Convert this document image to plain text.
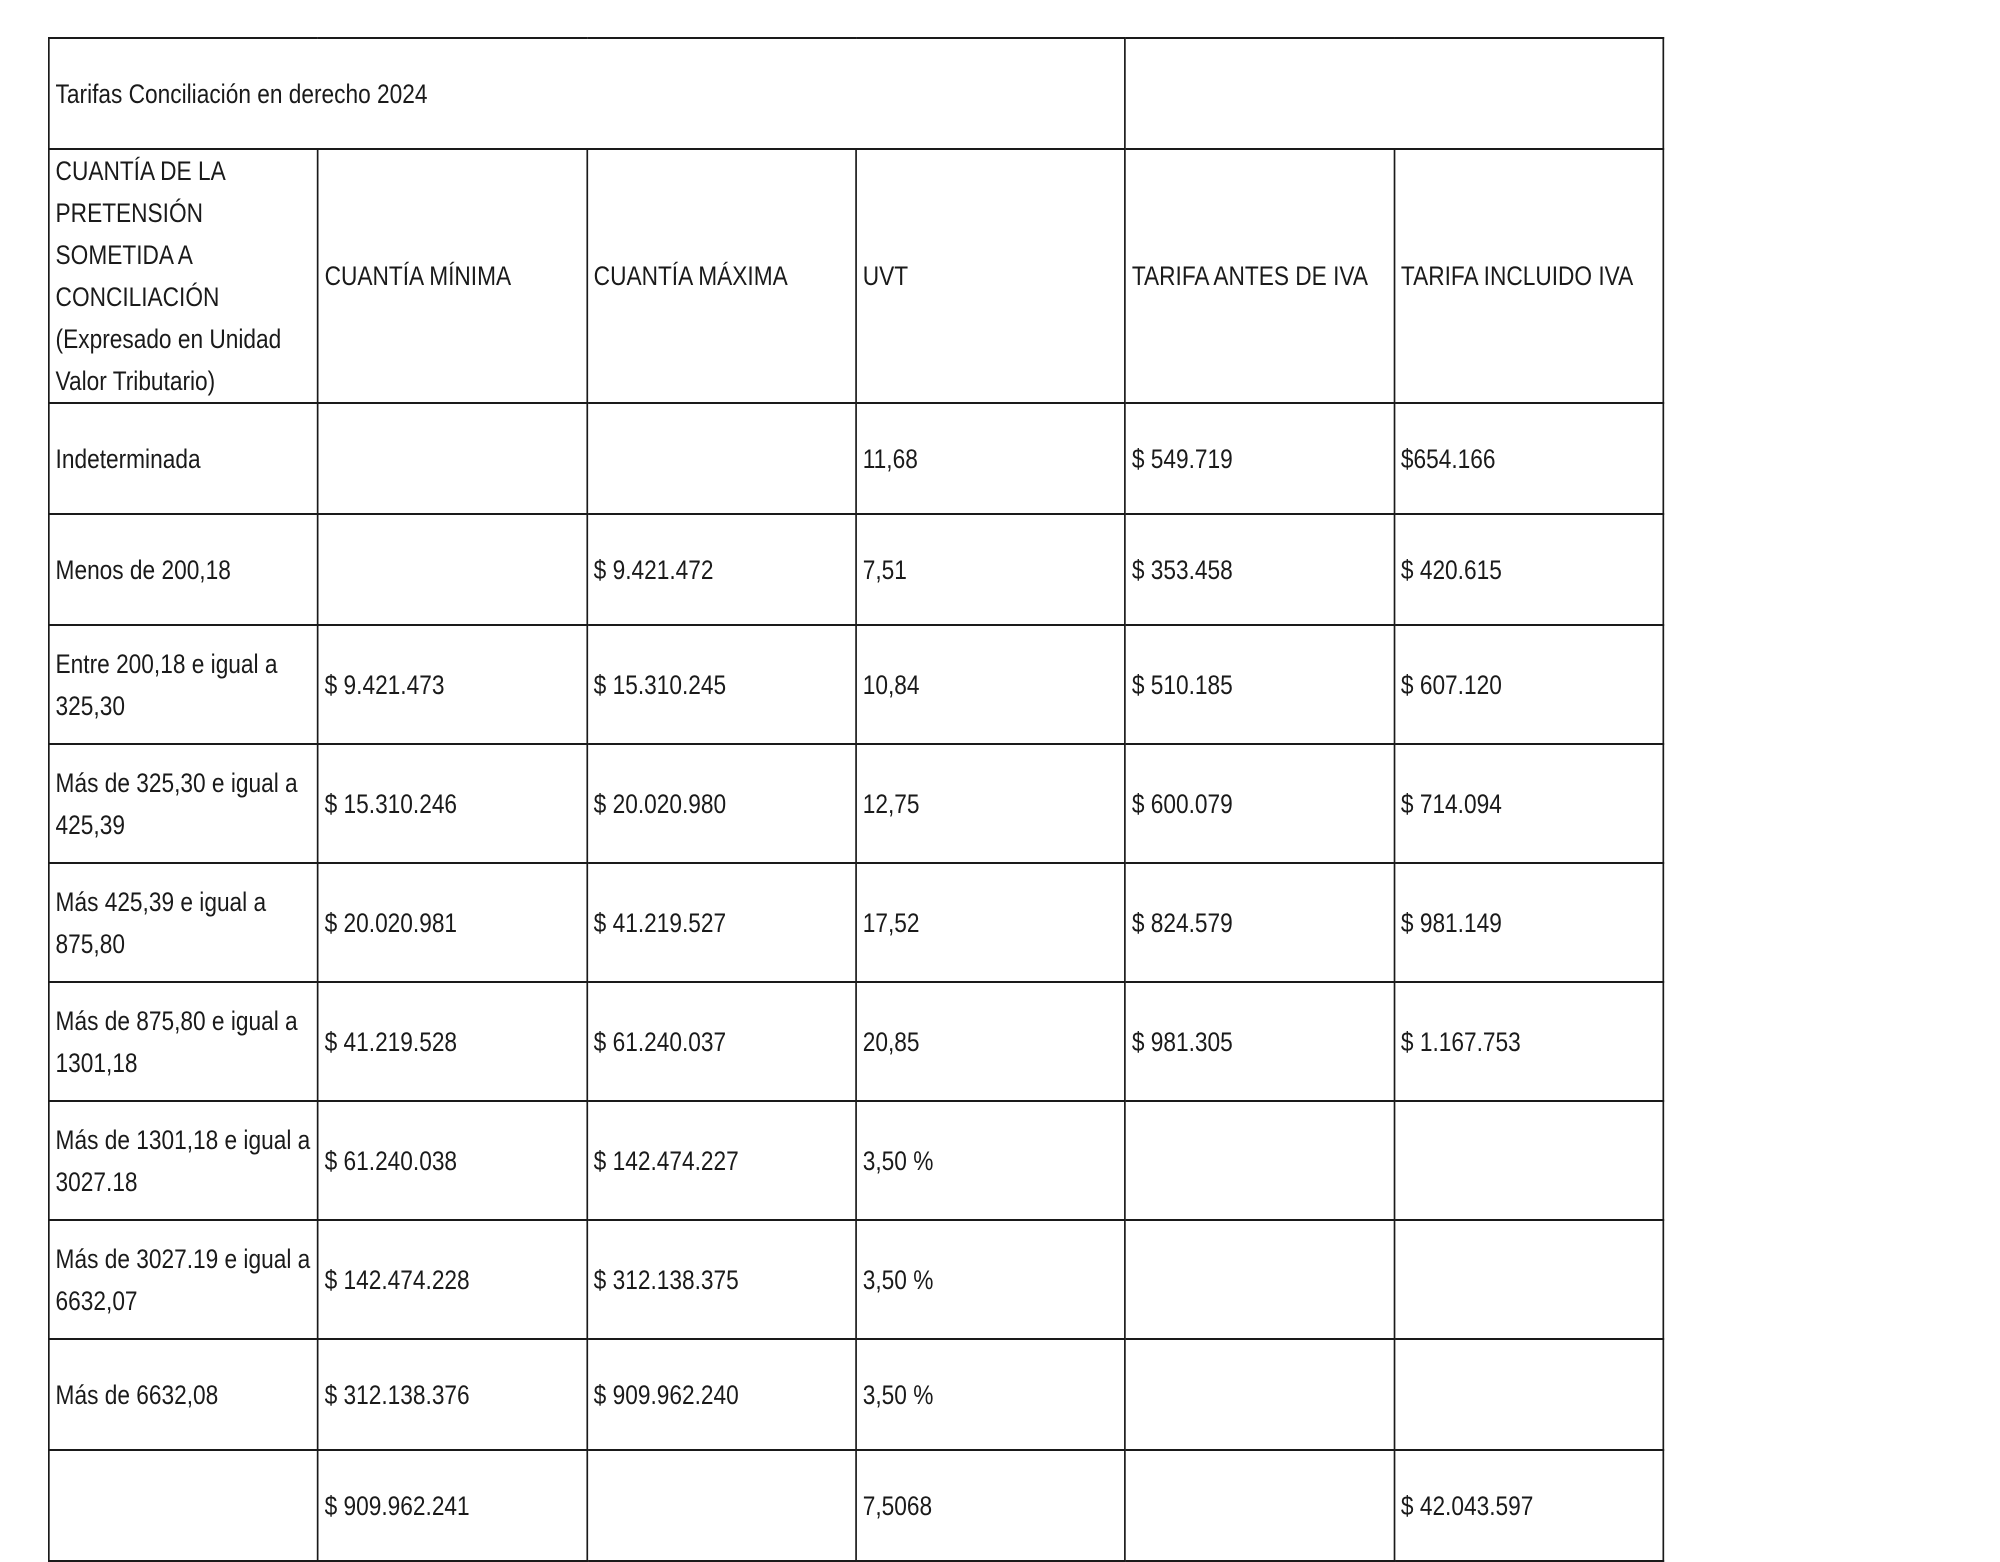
Tarifas Conciliación en derecho 2024					
CUANTÍA DE LA PRETENSIÓN SOMETIDA A CONCILIACIÓN (Expresado en Unidad Valor Tributario)	CUANTÍA MÍNIMA	CUANTÍA MÁXIMA	UVT	TARIFA ANTES DE IVA	TARIFA INCLUIDO IVA
Indeterminada			11,68	$ 549.719	$654.166
Menos de 200,18		$ 9.421.472	7,51	$ 353.458	$ 420.615
Entre 200,18 e igual a 325,30	$ 9.421.473	$ 15.310.245	10,84	$ 510.185	$ 607.120
Más de 325,30 e igual a 425,39	$ 15.310.246	$ 20.020.980	12,75	$ 600.079	$ 714.094
Más 425,39 e igual a 875,80	$ 20.020.981	$ 41.219.527	17,52	$ 824.579	$ 981.149
Más de 875,80 e igual a 1301,18	$ 41.219.528	$ 61.240.037	20,85	$ 981.305	$ 1.167.753
Más de 1301,18 e igual a 3027.18	$ 61.240.038	$ 142.474.227	3,50 %		
Más de 3027.19 e igual a 6632,07	$ 142.474.228	$ 312.138.375	3,50 %		
Más de 6632,08	$ 312.138.376	$ 909.962.240	3,50 %		
	$ 909.962.241		7,5068		$ 42.043.597
